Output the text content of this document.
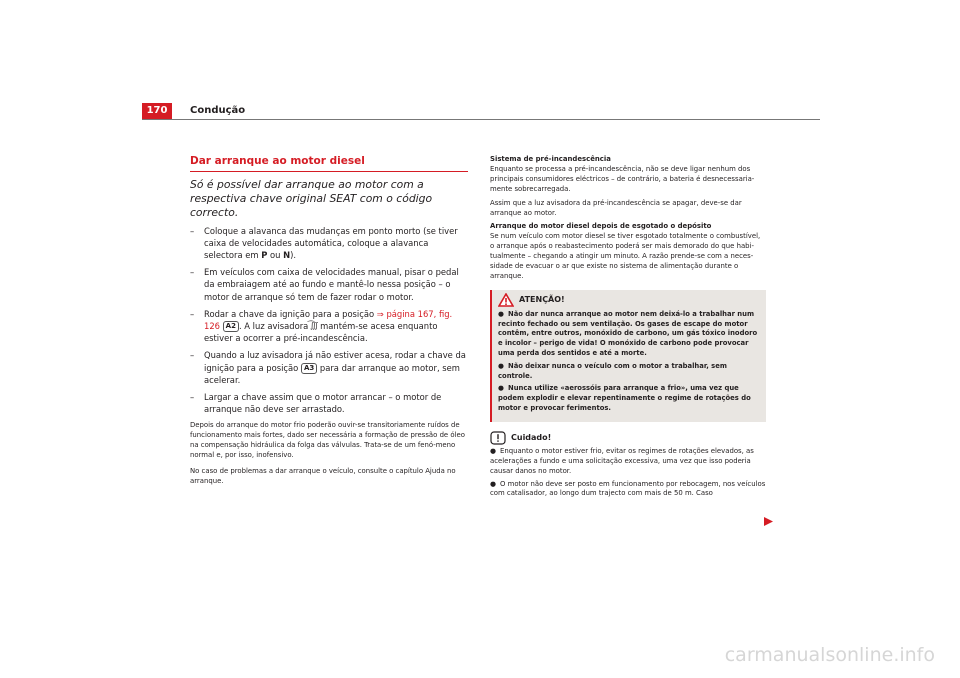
170	Condução
Dar arranque ao motor diesel
Só é possível dar arranque ao motor com a respectiva chave original SEAT com o código correcto.
– Coloque a alavanca das mudanças em ponto morto (se tiver caixa de velocidades automática, coloque a alavanca selectora em P ou N).
– Em veículos com caixa de velocidades manual, pisar o pedal da embraiagem até ao fundo e mantê-lo nessa posição – o motor de arranque só tem de fazer rodar o motor.
– Rodar a chave da ignição para a posição ⇒ página 167, fig. 126 A2 . A luz avisadora ͡∭ mantém-se acesa enquanto estiver a ocorrer a pré-incandescência.
– Quando a luz avisadora já não estiver acesa, rodar a chave da ignição para a posição A3 para dar arranque ao motor, sem acelerar.
– Largar a chave assim que o motor arrancar – o motor de arranque não deve ser arrastado.

Depois do arranque do motor frio poderão ouvir-se transitoriamente ruídos de funcionamento mais fortes, dado ser necessária a formação de pressão de óleo na compensação hidráulica da folga das válvulas. Trata-se de um fenó-meno normal e, por isso, inofensivo.

No caso de problemas a dar arranque o veículo, consulte o capítulo Ajuda no arranque.

Sistema de pré-incandescência

Enquanto se processa a pré-incandescência, não se deve ligar nenhum dos principais consumidores eléctricos – de contrário, a bateria é desnecessaria-mente sobrecarregada.

Assim que a luz avisadora da pré-incandescência se apagar, deve-se dar arranque ao motor.

Arranque do motor diesel depois de esgotado o depósito

Se num veículo com motor diesel se tiver esgotado totalmente o combustível, o arranque após o reabastecimento poderá ser mais demorado do que habi-tualmente – chegando a atingir um minuto. A razão prende-se com a neces-sidade de evacuar o ar que existe no sistema de alimentação durante o arranque.

ATENÇÃO!

● Não dar nunca arranque ao motor nem deixá-lo a trabalhar num recinto fechado ou sem ventilação. Os gases de escape do motor contêm, entre outros, monóxido de carbono, um gás tóxico inodoro e incolor – perigo de vida! O monóxido de carbono pode provocar uma perda dos sentidos e até a morte.

● Não deixar nunca o veículo com o motor a trabalhar, sem controle.

● Nunca utilize «aerossóis para arranque a frio», uma vez que podem explodir e elevar repentinamente o regime de rotações do motor e provocar ferimentos.

Cuidado!

● Enquanto o motor estiver frio, evitar os regimes de rotações elevados, as acelerações a fundo e uma solicitação excessiva, uma vez que isso poderia causar danos no motor.

● O motor não deve ser posto em funcionamento por rebocagem, nos veículos com catalisador, ao longo dum trajecto com mais de 50 m. Caso

carmanualsonline.info
